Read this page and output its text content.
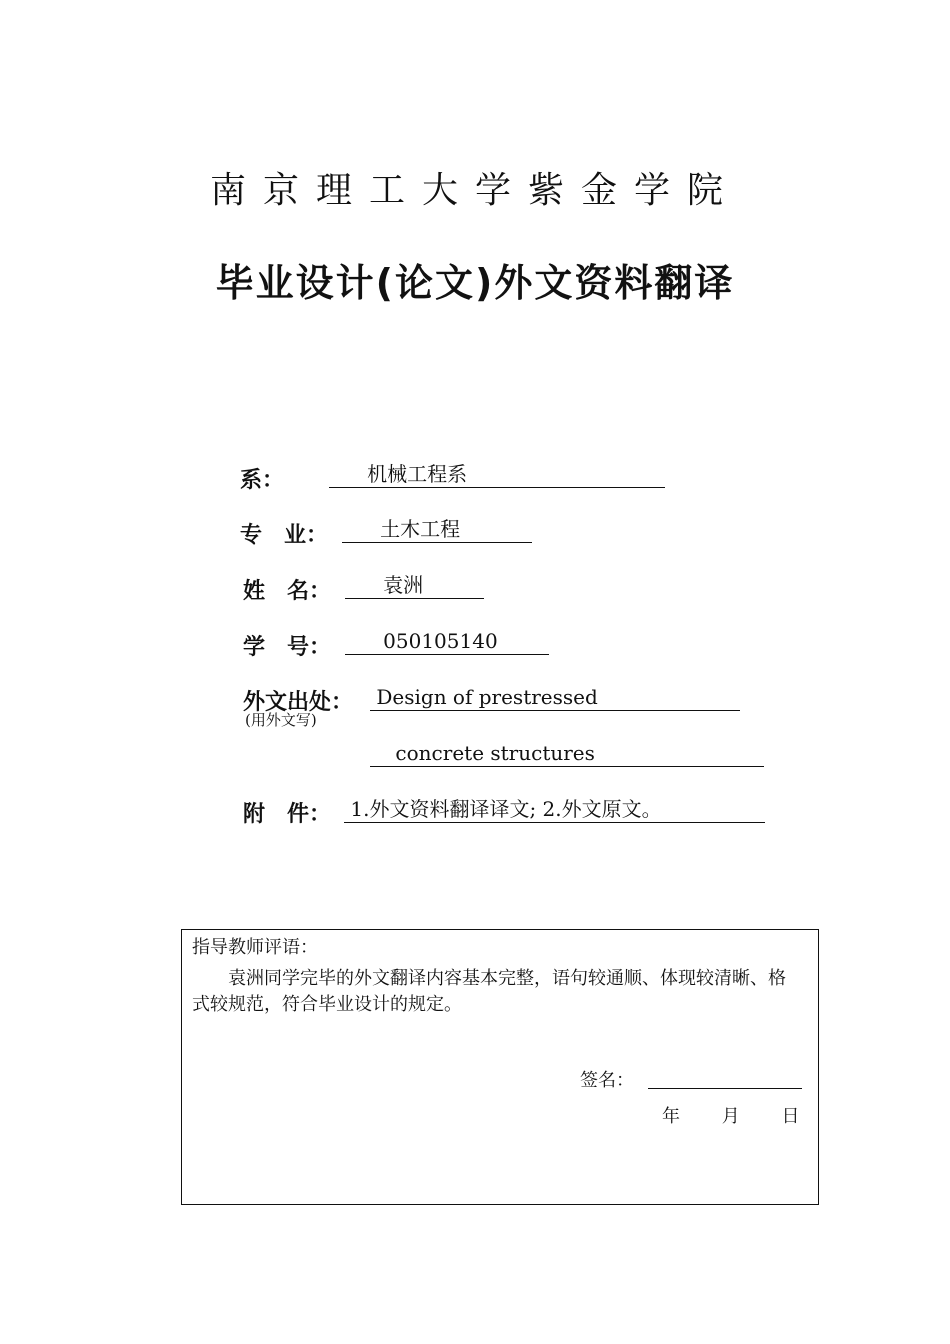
南京理工大学紫金学院
毕业设计(论文)外文资料翻译
系： 机械工程系
专　业： 土木工程
姓　名： 袁洲
学　号： 050105140
外文出处：
(用外文写)
Design of prestressed
concrete structures
附　件： 1.外文资料翻译译文; 2.外文原文。
指导教师评语：
袁洲同学完毕的外文翻译内容基本完整，语句较通顺、体现较清晰、格式较规范，符合毕业设计的规定。
签名：
年 月 日
